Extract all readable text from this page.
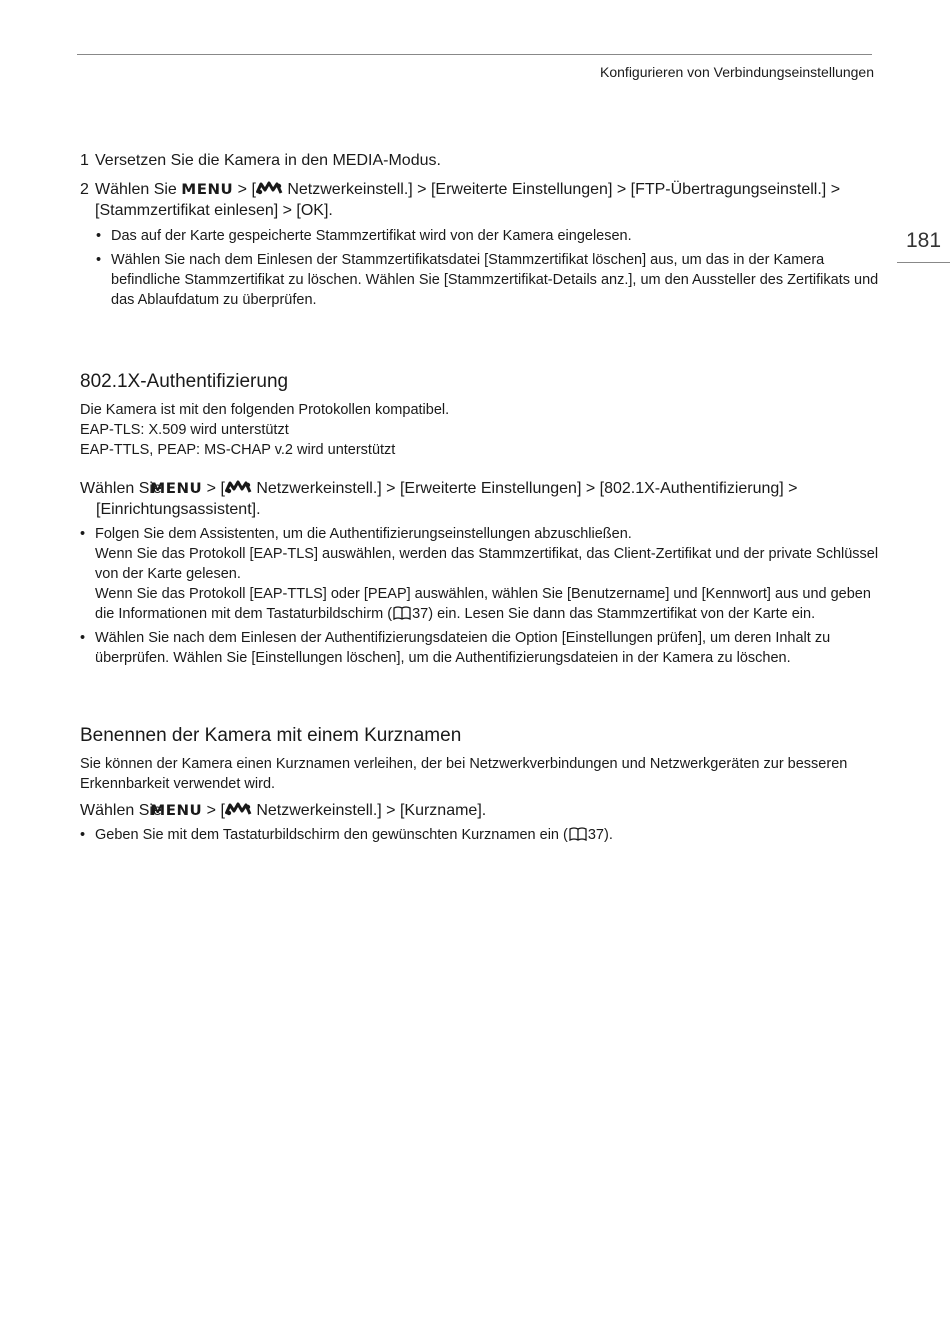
Konfigurieren von Verbindungseinstellungen
181
1 Versetzen Sie die Kamera in den MEDIA-Modus.
2 Wählen Sie MENU > [ Netzwerkeinstell.] > [Erweiterte Einstellungen] > [FTP-Übertragungseinstell.] > [Stammzertifikat einlesen] > [OK].
• Das auf der Karte gespeicherte Stammzertifikat wird von der Kamera eingelesen.
• Wählen Sie nach dem Einlesen der Stammzertifikatsdatei [Stammzertifikat löschen] aus, um das in der Kamera befindliche Stammzertifikat zu löschen. Wählen Sie [Stammzertifikat-Details anz.], um den Aussteller des Zertifikats und das Ablaufdatum zu überprüfen.
802.1X-Authentifizierung

Die Kamera ist mit den folgenden Protokollen kompatibel.

EAP-TLS: X.509 wird unterstützt

EAP-TTLS, PEAP: MS-CHAP v.2 wird unterstützt

Wählen Sie MENU > [ Netzwerkeinstell.] > [Erweiterte Einstellungen] > [802.1X-Authentifizierung] > [Einrichtungsassistent].

• Folgen Sie dem Assistenten, um die Authentifizierungseinstellungen abzuschließen.
Wenn Sie das Protokoll [EAP-TLS] auswählen, werden das Stammzertifikat, das Client-Zertifikat und der private Schlüssel von der Karte gelesen.
Wenn Sie das Protokoll [EAP-TTLS] oder [PEAP] auswählen, wählen Sie [Benutzername] und [Kennwort] aus und geben die Informationen mit dem Tastaturbildschirm ( 37) ein. Lesen Sie dann das Stammzertifikat von der Karte ein.
• Wählen Sie nach dem Einlesen der Authentifizierungsdateien die Option [Einstellungen prüfen], um deren Inhalt zu überprüfen. Wählen Sie [Einstellungen löschen], um die Authentifizierungsdateien in der Kamera zu löschen.
Benennen der Kamera mit einem Kurznamen

Sie können der Kamera einen Kurznamen verleihen, der bei Netzwerkverbindungen und Netzwerkgeräten zur besseren Erkennbarkeit verwendet wird.

Wählen Sie MENU > [ Netzwerkeinstell.] > [Kurzname].

• Geben Sie mit dem Tastaturbildschirm den gewünschten Kurznamen ein ( 37).
